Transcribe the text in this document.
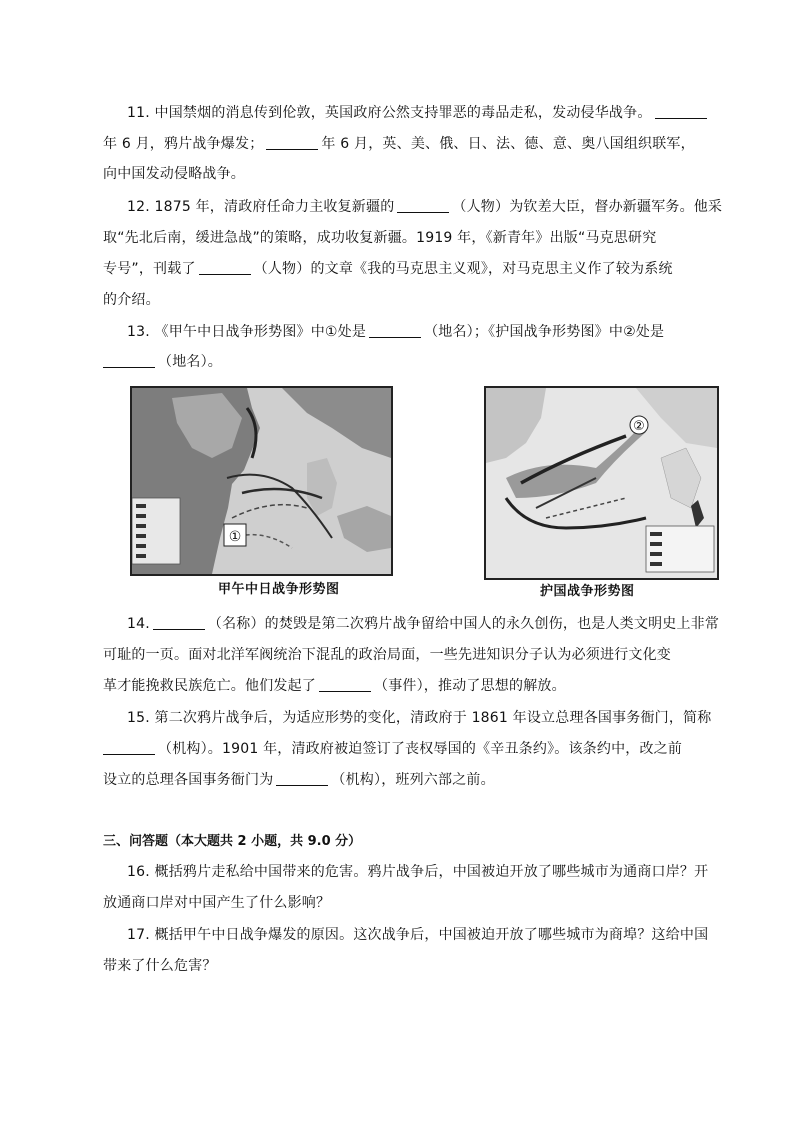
11. 中国禁烟的消息传到伦敦，英国政府公然支持罪恶的毒品走私，发动侵华战争。
年 6 月，鸦片战争爆发；	年 6 月，英、美、俄、日、法、德、意、奥八国组织联军，
向中国发动侵略战争。
12. 1875 年，清政府任命力主收复新疆的	（人物）为钦差大臣，督办新疆军务。他采
取“先北后南，缓进急战”的策略，成功收复新疆。1919 年，《新青年》出版“马克思研究
专号”，刊载了	（人物）的文章《我的马克思主义观》，对马克思主义作了较为系统
的介绍。
13. 《甲午中日战争形势图》中①处是	（地名）；《护国战争形势图》中②处是
（地名）。
①
甲午中日战争形势图
②
护国战争形势图
14.	（名称）的焚毁是第二次鸦片战争留给中国人的永久创伤，也是人类文明史上非常
可耻的一页。面对北洋军阀统治下混乱的政治局面，一些先进知识分子认为必须进行文化变
革才能挽救民族危亡。他们发起了	（事件），推动了思想的解放。
15. 第二次鸦片战争后，为适应形势的变化，清政府于 1861 年设立总理各国事务衙门，简称
（机构）。1901 年，清政府被迫签订了丧权辱国的《辛丑条约》。该条约中，改之前
设立的总理各国事务衙门为	（机构），班列六部之前。
三、问答题（本大题共 2 小题，共 9.0 分）
16. 概括鸦片走私给中国带来的危害。鸦片战争后，中国被迫开放了哪些城市为通商口岸？开
放通商口岸对中国产生了什么影响？
17. 概括甲午中日战争爆发的原因。这次战争后，中国被迫开放了哪些城市为商埠？这给中国
带来了什么危害？
